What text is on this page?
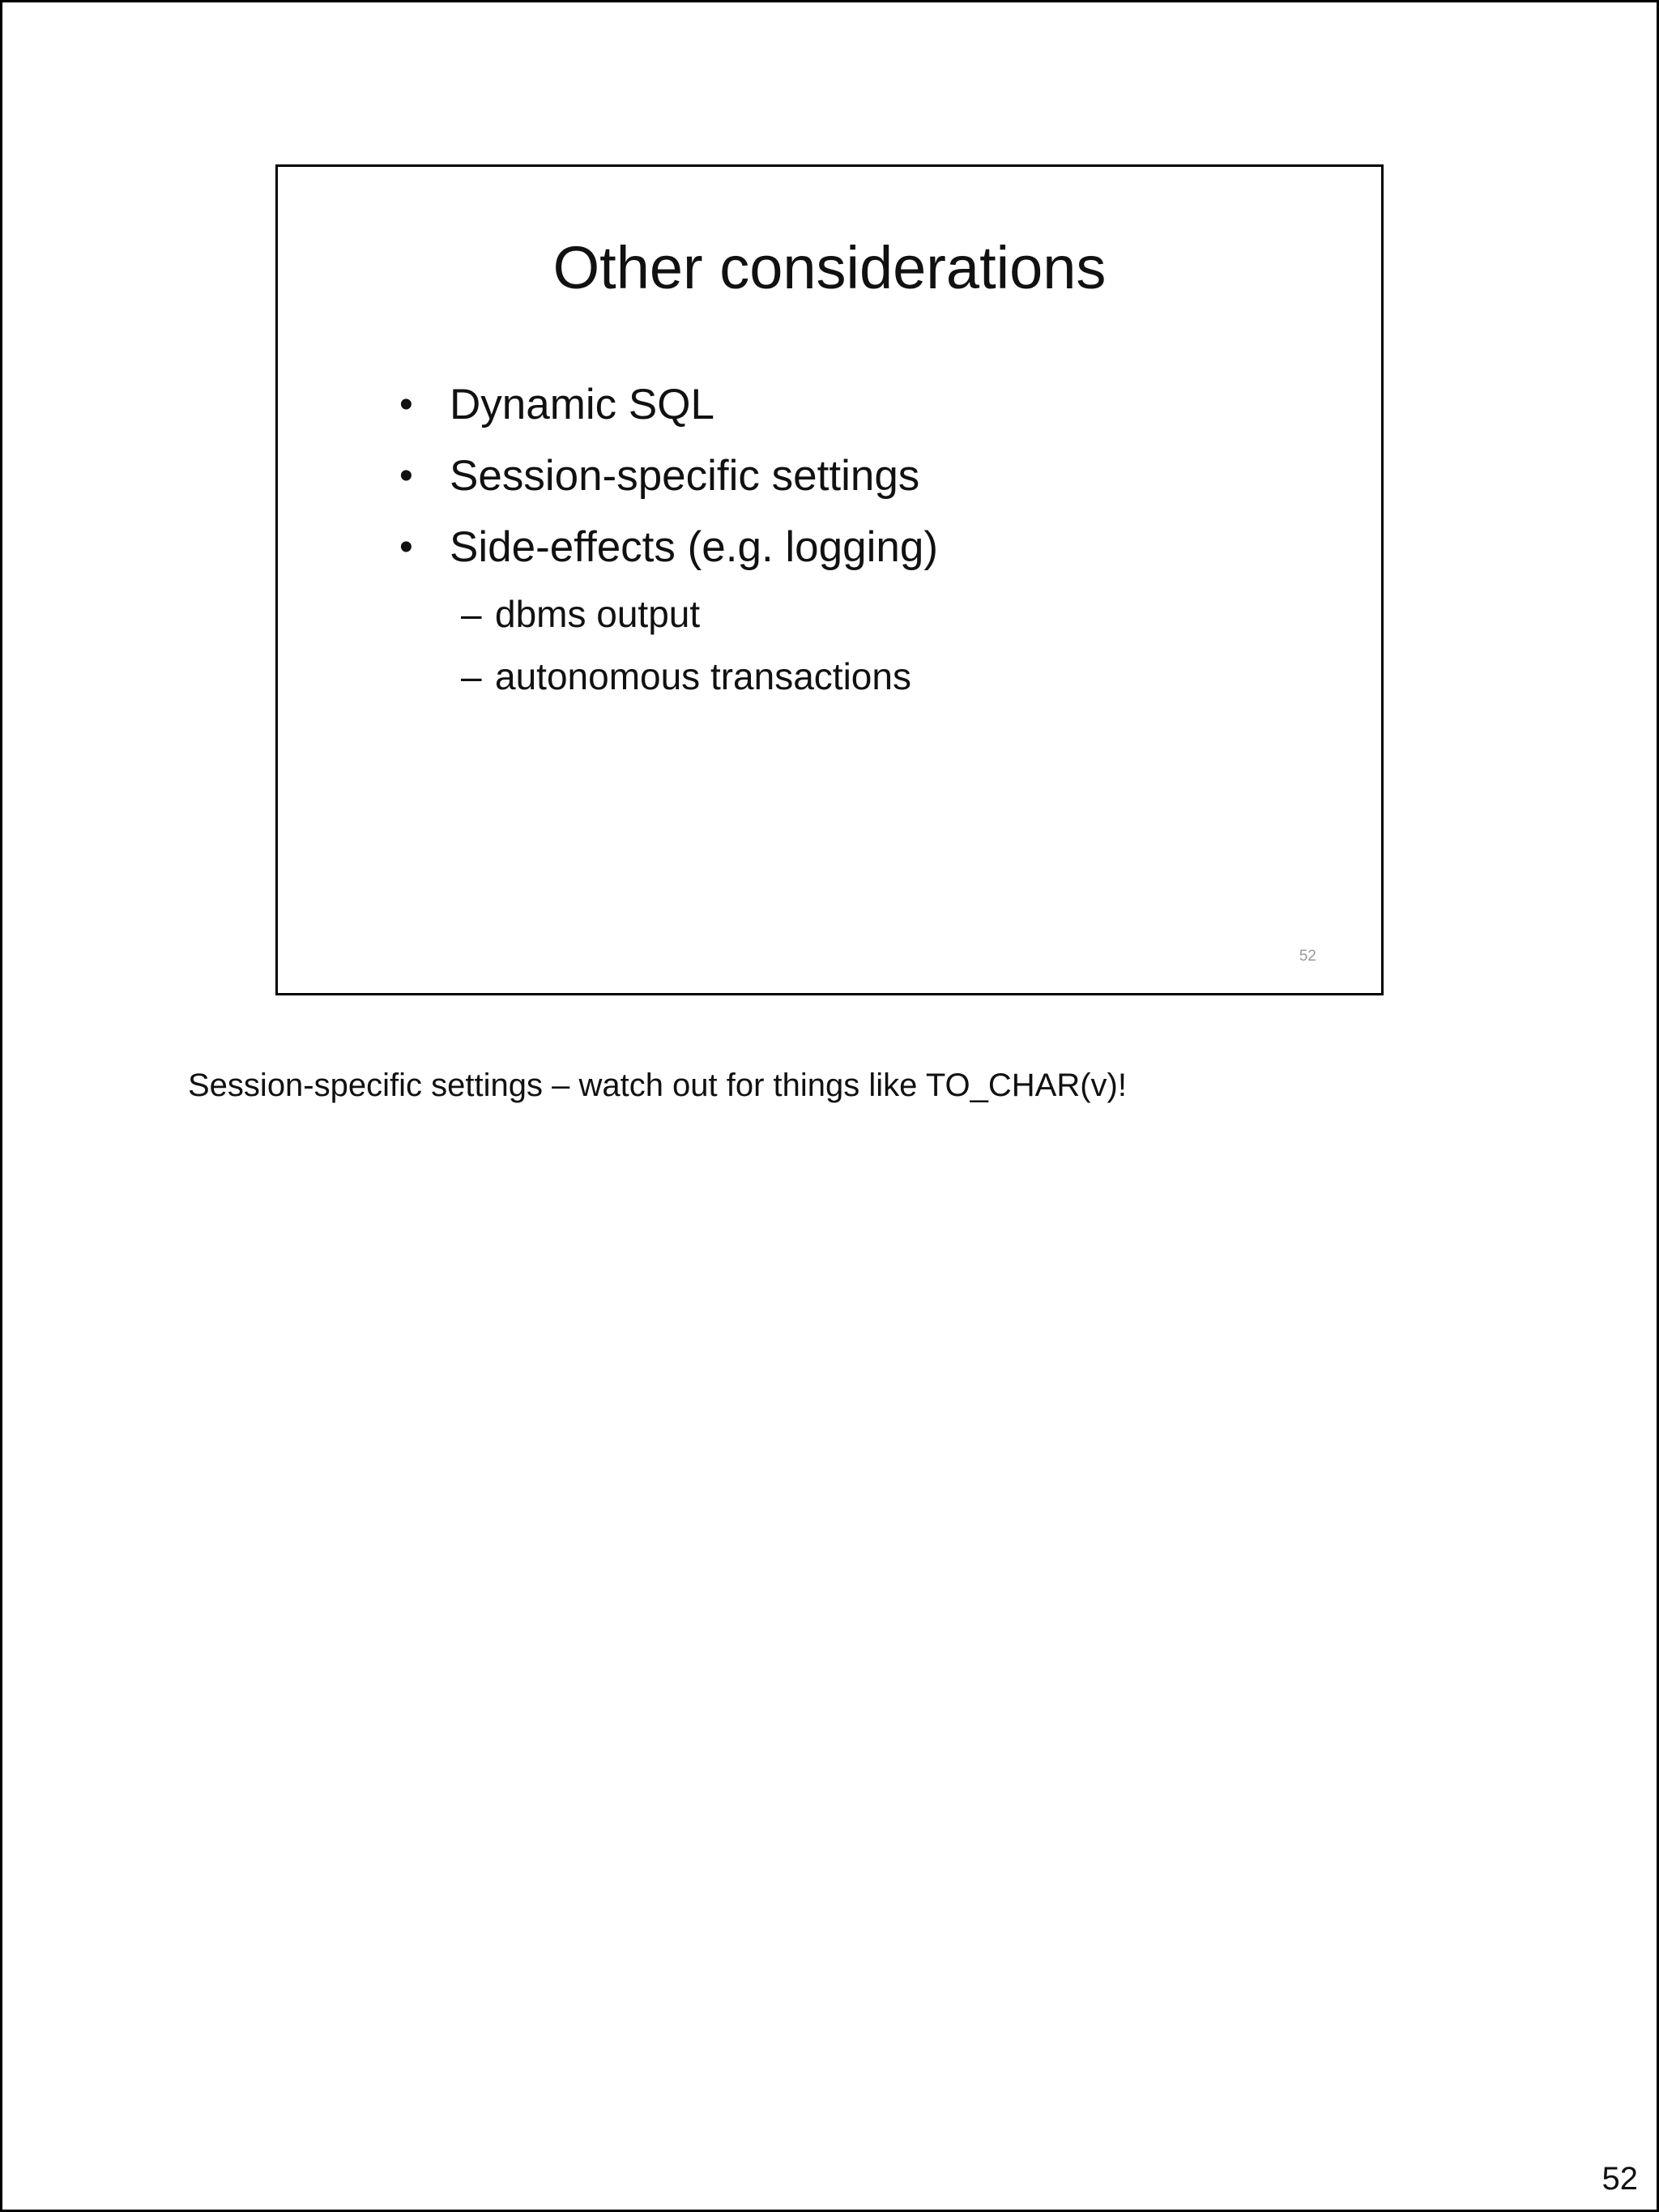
Other considerations
• Dynamic SQL
• Session-specific settings
• Side-effects (e.g. logging)
– dbms output
– autonomous transactions
52
Session-specific settings – watch out for things like TO_CHAR(v)!
52
